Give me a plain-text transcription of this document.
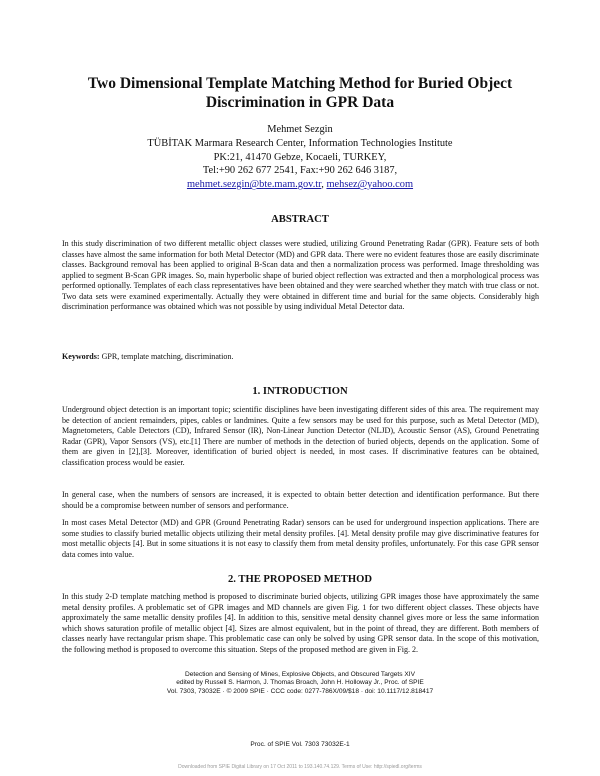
Two Dimensional Template Matching Method for Buried Object
Discrimination in GPR Data
Mehmet Sezgin
TÜBİTAK Marmara Research Center, Information Technologies Institute
PK:21, 41470 Gebze, Kocaeli, TURKEY,
Tel:+90 262 677 2541, Fax:+90 262 646 3187,
mehmet.sezgin@bte.mam.gov.tr, mehsez@yahoo.com
ABSTRACT

In this study discrimination of two different metallic object classes were studied, utilizing Ground Penetrating Radar (GPR). Feature sets of both classes have almost the same information for both Metal Detector (MD) and GPR data. There were no evident features those are easily discriminate classes. Background removal has been applied to original B-Scan data and then a normalization process was performed. Image thresholding was applied to segment B-Scan GPR images. So, main hyperbolic shape of buried object reflection was extracted and then a morphological process was performed optionally. Templates of each class representatives have been obtained and they were searched whether they match with true class or not. Two data sets were examined experimentally. Actually they were obtained in different time and burial for the same objects. Considerably high discrimination performance was obtained which was not possible by using individual Metal Detector data.

Keywords: GPR, template matching, discrimination.
1. INTRODUCTION

Underground object detection is an important topic; scientific disciplines have been investigating different sides of this area. The requirement may be detection of ancient remainders, pipes, cables or landmines. Quite a few sensors may be used for this purpose, such as Metal Detector (MD), Magnetometers, Cable Detectors (CD), Infrared Sensor (IR), Non-Linear Junction Detector (NLJD), Acoustic Sensor (AS), Ground Penetrating Radar (GPR), Vapor Sensors (VS), etc.[1] There are number of methods in the detection of buried objects, depends on the application. Some of them are given in [2],[3]. Moreover, identification of buried object is needed, in most cases. If discriminative features can be obtained, classification process would be easier.

In general case, when the numbers of sensors are increased, it is expected to obtain better detection and identification performance. But there should be a compromise between number of sensors and performance.

In most cases Metal Detector (MD) and GPR (Ground Penetrating Radar) sensors can be used for underground inspection applications. There are some studies to classify buried metallic objects utilizing their metal density profiles. [4]. Metal density profile may give discriminative features for most metallic objects [4]. But in some situations it is not easy to classify them from metal density profiles, unfortunately. For this case GPR sensor data comes into value.

2. THE PROPOSED METHOD

In this study 2-D template matching method is proposed to discriminate buried objects, utilizing GPR images those have approximately the same metal density profiles. A problematic set of GPR images and MD channels are given Fig. 1 for two different object classes. These objects have approximately the same metallic density profiles [4]. In addition to this, sensitive metal density channel gives more or less the same information which shows saturation profile of metallic object [4]. Sizes are almost equivalent, but in the point of thread, they are different. Both members of classes nearly have rectangular prism shape. This problematic case can only be solved by using GPR sensor data. In the scope of this motivation, the following method is proposed to overcome this situation. Steps of the proposed method are given in Fig. 2.

Detection and Sensing of Mines, Explosive Objects, and Obscured Targets XIV
edited by Russell S. Harmon, J. Thomas Broach, John H. Holloway Jr., Proc. of SPIE
Vol. 7303, 73032E · © 2009 SPIE · CCC code: 0277-786X/09/$18 · doi: 10.1117/12.818417
Proc. of SPIE Vol. 7303 73032E-1
Downloaded from SPIE Digital Library on 17 Oct 2011 to 193.140.74.129. Terms of Use: http://spiedl.org/terms
